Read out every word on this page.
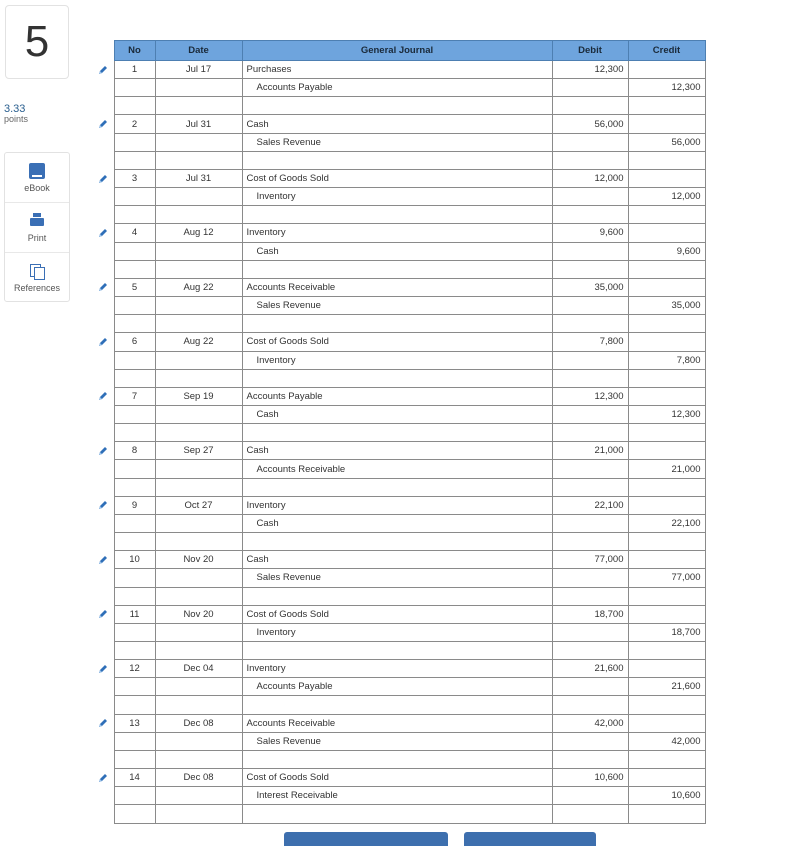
5
3.33
points
eBook
Print
References
	No	Date	General Journal	Debit	Credit
	1	Jul 17	Purchases	12,300	
			Accounts Payable		12,300

	2	Jul 31	Cash	56,000	
			Sales Revenue		56,000

	3	Jul 31	Cost of Goods Sold	12,000	
			Inventory		12,000

	4	Aug 12	Inventory	9,600	
			Cash		9,600

	5	Aug 22	Accounts Receivable	35,000	
			Sales Revenue		35,000

	6	Aug 22	Cost of Goods Sold	7,800	
			Inventory		7,800

	7	Sep 19	Accounts Payable	12,300	
			Cash		12,300

	8	Sep 27	Cash	21,000	
			Accounts Receivable		21,000

	9	Oct 27	Inventory	22,100	
			Cash		22,100

	10	Nov 20	Cash	77,000	
			Sales Revenue		77,000

	11	Nov 20	Cost of Goods Sold	18,700	
			Inventory		18,700

	12	Dec 04	Inventory	21,600	
			Accounts Payable		21,600

	13	Dec 08	Accounts Receivable	42,000	
			Sales Revenue		42,000

	14	Dec 08	Cost of Goods Sold	10,600	
			Interest Receivable		10,600
